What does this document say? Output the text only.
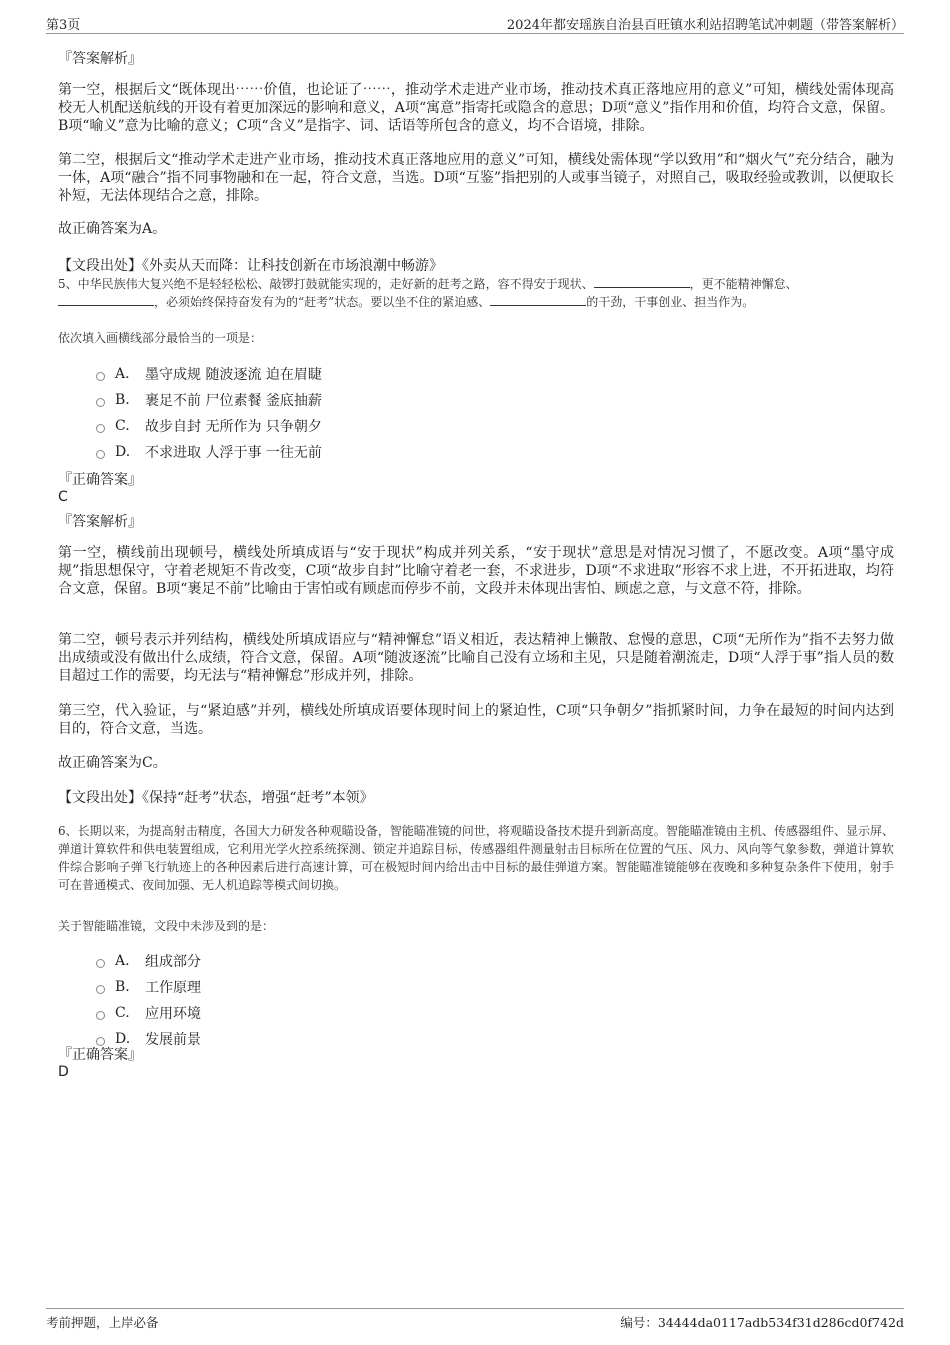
第3页	2024年都安瑶族自治县百旺镇水利站招聘笔试冲刺题（带答案解析）
『答案解析』
第一空，根据后文“既体现出⋯⋯价值，也论证了⋯⋯，推动学术走进产业市场，推动技术真正落地应用的意义”可知，横线处需体现高校无人机配送航线的开设有着更加深远的影响和意义，A项“寓意”指寄托或隐含的意思；D项“意义”指作用和价值，均符合文意，保留。B项“喻义”意为比喻的意义；C项“含义”是指字、词、话语等所包含的意义，均不合语境，排除。
第二空，根据后文“推动学术走进产业市场，推动技术真正落地应用的意义”可知，横线处需体现“学以致用”和“烟火气”充分结合，融为一体，A项“融合”指不同事物融和在一起，符合文意，当选。D项“互鉴”指把别的人或事当镜子，对照自己，吸取经验或教训，以便取长补短，无法体现结合之意，排除。
故正确答案为A。
【文段出处】《外卖从天而降：让科技创新在市场浪潮中畅游》
5、中华民族伟大复兴绝不是轻轻松松、敲锣打鼓就能实现的，走好新的赶考之路，容不得安于现状、	，更不能精神懈怠、
，必须始终保持奋发有为的“赶考”状态。要以坐不住的紧迫感、	的干劲，干事创业、担当作为。
依次填入画横线部分最恰当的一项是：
A.	墨守成规 随波逐流 迫在眉睫
B.	裹足不前 尸位素餐 釜底抽薪
C.	故步自封 无所作为 只争朝夕
D.	不求进取 人浮于事 一往无前
『正确答案』
C
『答案解析』
第一空，横线前出现顿号，横线处所填成语与“安于现状”构成并列关系，“安于现状”意思是对情况习惯了，不愿改变。A项“墨守成规”指思想保守，守着老规矩不肯改变，C项“故步自封”比喻守着老一套，不求进步，D项“不求进取”形容不求上进，不开拓进取，均符合文意，保留。B项“裹足不前”比喻由于害怕或有顾虑而停步不前，文段并未体现出害怕、顾虑之意，与文意不符，排除。
第二空，顿号表示并列结构，横线处所填成语应与“精神懈怠”语义相近，表达精神上懒散、怠慢的意思，C项“无所作为”指不去努力做出成绩或没有做出什么成绩，符合文意，保留。A项“随波逐流”比喻自己没有立场和主见，只是随着潮流走，D项“人浮于事”指人员的数目超过工作的需要，均无法与“精神懈怠”形成并列，排除。
第三空，代入验证，与“紧迫感”并列，横线处所填成语要体现时间上的紧迫性，C项“只争朝夕”指抓紧时间，力争在最短的时间内达到目的，符合文意，当选。
故正确答案为C。
【文段出处】《保持“赶考”状态，增强“赶考”本领》
6、长期以来，为提高射击精度，各国大力研发各种观瞄设备，智能瞄准镜的问世，将观瞄设备技术提升到新高度。智能瞄准镜由主机、传感器组件、显示屏、弹道计算软件和供电装置组成，它利用光学火控系统探测、锁定并追踪目标，传感器组件测量射击目标所在位置的气压、风力、风向等气象参数，弹道计算软件综合影响子弹飞行轨迹上的各种因素后进行高速计算，可在极短时间内给出击中目标的最佳弹道方案。智能瞄准镜能够在夜晚和多种复杂条件下使用，射手可在普通模式、夜间加强、无人机追踪等模式间切换。
关于智能瞄准镜，文段中未涉及到的是：
A.	组成部分
B.	工作原理
C.	应用环境
D.	发展前景
『正确答案』
D
考前押题，上岸必备	编号：34444da0117adb534f31d286cd0f742d
